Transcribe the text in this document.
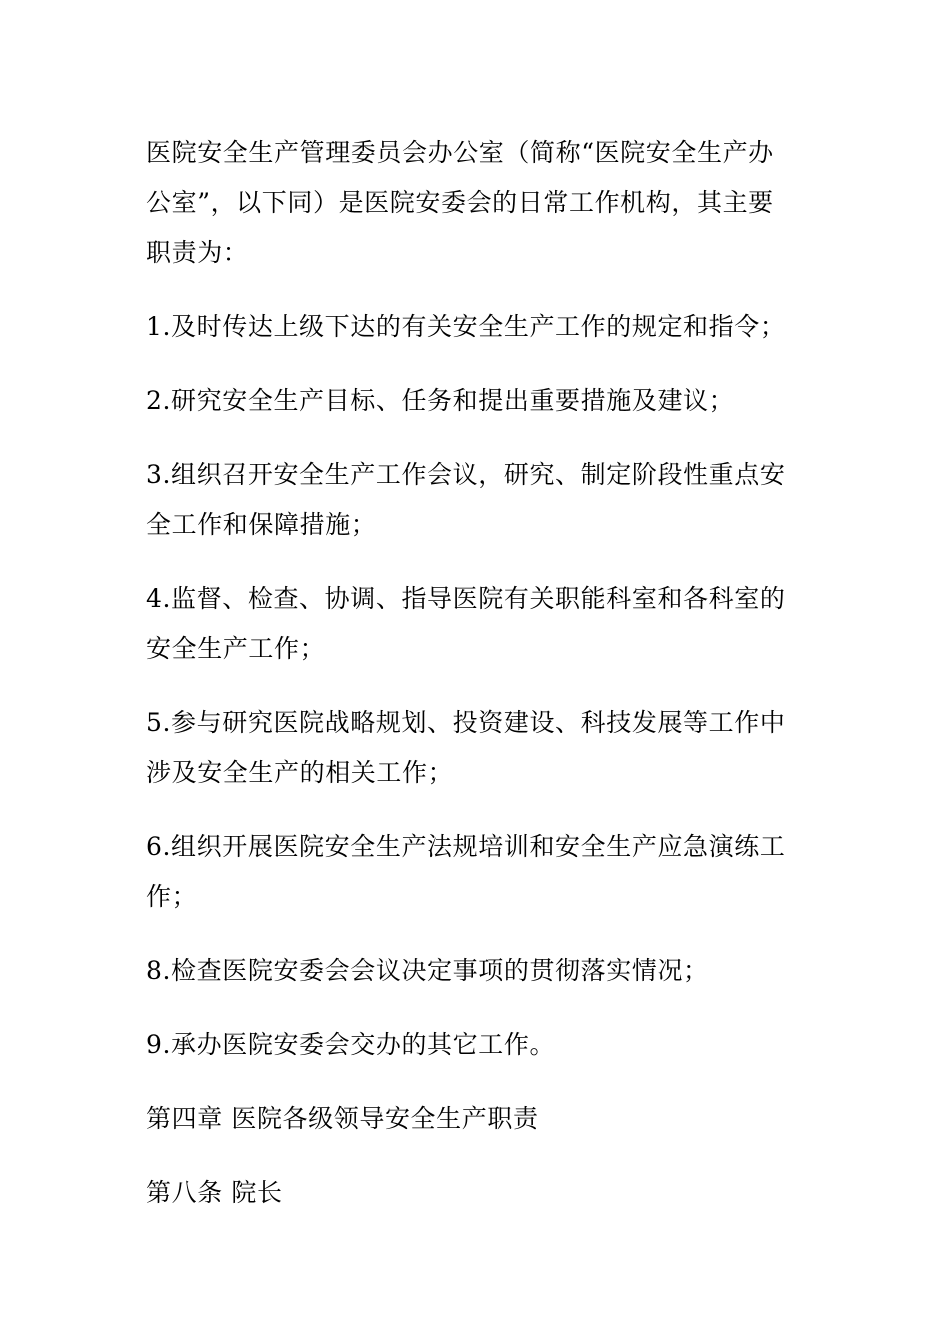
医院安全生产管理委员会办公室（简称“医院安全生产办公室”，以下同）是医院安委会的日常工作机构，其主要职责为：

1.及时传达上级下达的有关安全生产工作的规定和指令；

2.研究安全生产目标、任务和提出重要措施及建议；

3.组织召开安全生产工作会议，研究、制定阶段性重点安全工作和保障措施；

4.监督、检查、协调、指导医院有关职能科室和各科室的安全生产工作；

5.参与研究医院战略规划、投资建设、科技发展等工作中涉及安全生产的相关工作；

6.组织开展医院安全生产法规培训和安全生产应急演练工作；

8.检查医院安委会会议决定事项的贯彻落实情况；

9.承办医院安委会交办的其它工作。

第四章 医院各级领导安全生产职责

第八条 院长
